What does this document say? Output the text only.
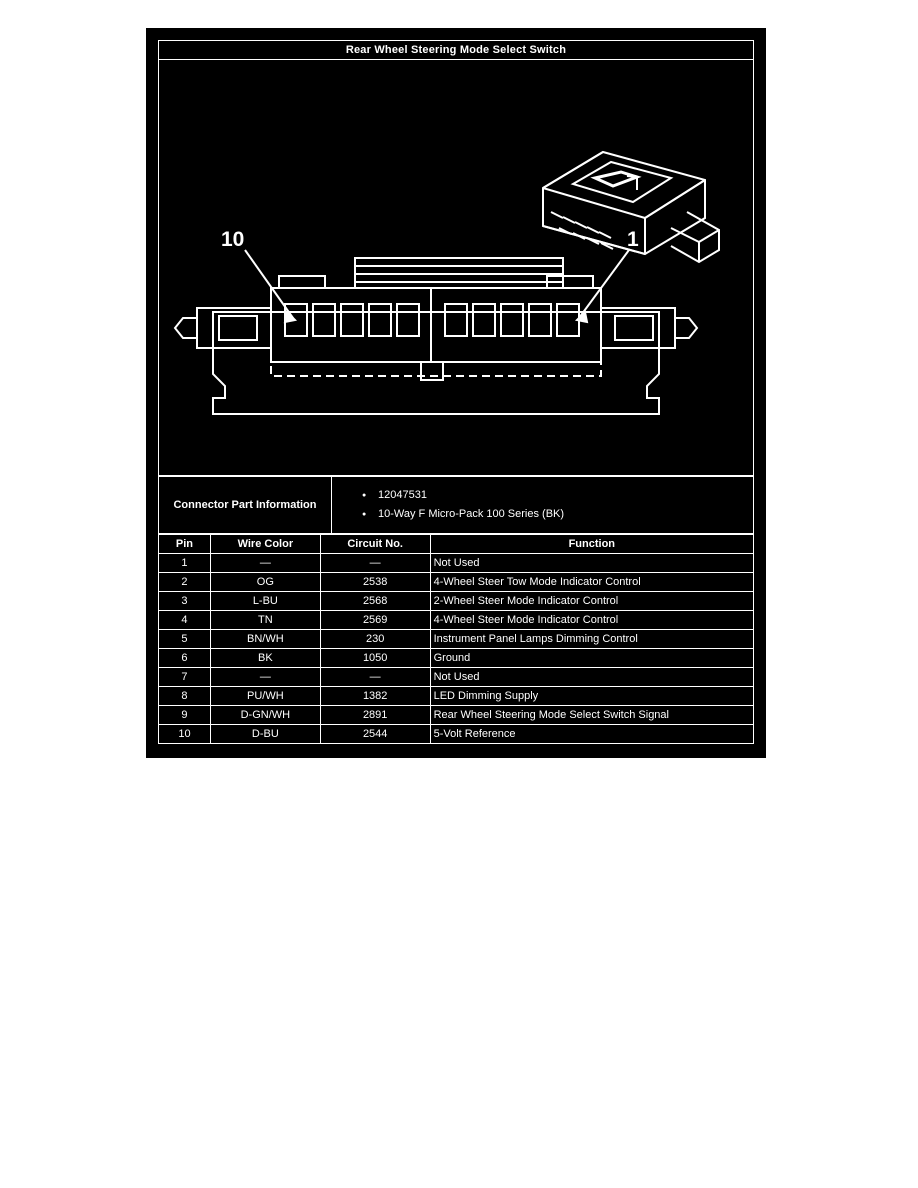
Rear Wheel Steering Mode Select Switch
10	1
Connector Part Information
● 12047531
● 10-Way F Micro-Pack 100 Series (BK)
Pin	Wire Color	Circuit No.	Function
1	—	—	Not Used
2	OG	2538	4-Wheel Steer Tow Mode Indicator Control
3	L-BU	2568	2-Wheel Steer Mode Indicator Control
4	TN	2569	4-Wheel Steer Mode Indicator Control
5	BN/WH	230	Instrument Panel Lamps Dimming Control
6	BK	1050	Ground
7	—	—	Not Used
8	PU/WH	1382	LED Dimming Supply
9	D-GN/WH	2891	Rear Wheel Steering Mode Select Switch Signal
10	D-BU	2544	5-Volt Reference
